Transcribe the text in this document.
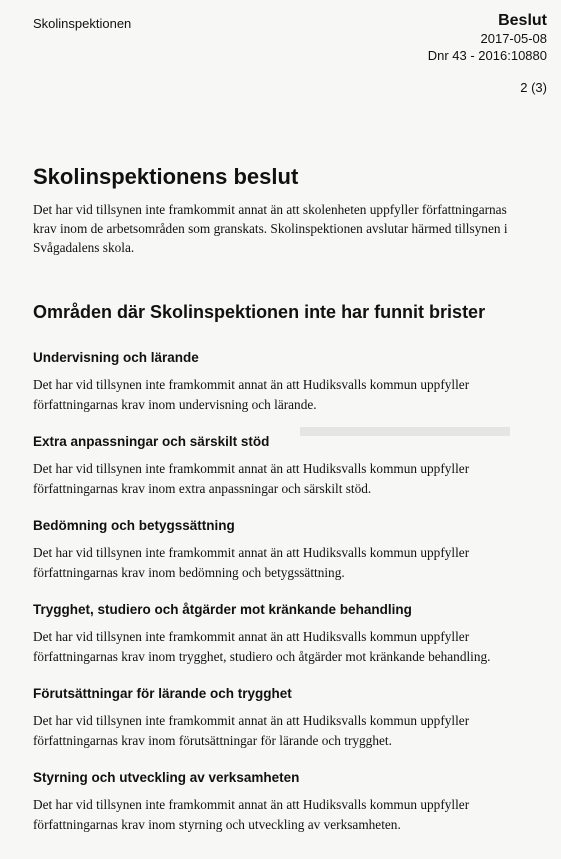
▬▬▬▬▬▬▬
Skolinspektionen	Beslut
2017-05-08
Dnr 43 - 2016:10880
2 (3)
Skolinspektionens beslut

Det har vid tillsynen inte framkommit annat än att skolenheten uppfyller författningarnas krav inom de arbetsområden som granskats. Skolinspektionen avslutar härmed tillsynen i Svågadalens skola.

Områden där Skolinspektionen inte har funnit brister
Undervisning och lärande

Det har vid tillsynen inte framkommit annat än att Hudiksvalls kommun uppfyller författningarnas krav inom undervisning och lärande.

Extra anpassningar och särskilt stöd

Det har vid tillsynen inte framkommit annat än att Hudiksvalls kommun uppfyller författningarnas krav inom extra anpassningar och särskilt stöd.

Bedömning och betygssättning

Det har vid tillsynen inte framkommit annat än att Hudiksvalls kommun uppfyller författningarnas krav inom bedömning och betygssättning.

Trygghet, studiero och åtgärder mot kränkande behandling

Det har vid tillsynen inte framkommit annat än att Hudiksvalls kommun uppfyller författningarnas krav inom trygghet, studiero och åtgärder mot kränkande behandling.

Förutsättningar för lärande och trygghet

Det har vid tillsynen inte framkommit annat än att Hudiksvalls kommun uppfyller författningarnas krav inom förutsättningar för lärande och trygghet.

Styrning och utveckling av verksamheten

Det har vid tillsynen inte framkommit annat än att Hudiksvalls kommun uppfyller författningarnas krav inom styrning och utveckling av verksamheten.
